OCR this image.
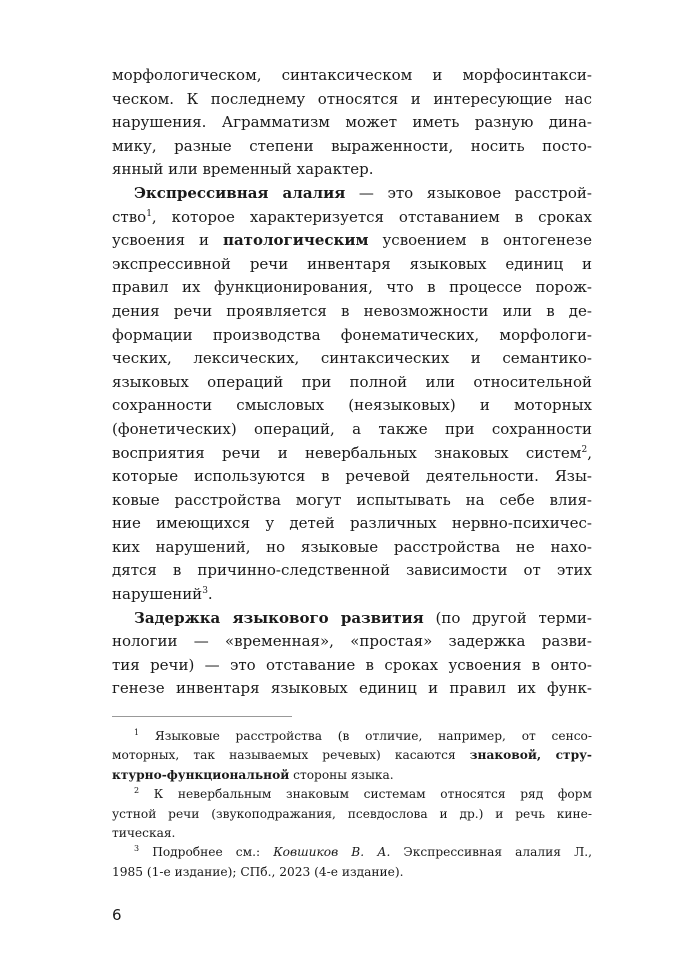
морфологическом, синтаксическом и морфосинтакси-
ческом. К последнему относятся и интересующие нас
нарушения. Аграмматизм может иметь разную дина-
мику, разные степени выраженности, носить посто-
янный или временный характер.
Экспрессивная алалия — это языковое расстрой-
ство$^1$, которое характеризуется отставанием в сроках
усвоения и патологическим усвоением в онтогенезе
экспрессивной речи инвентаря языковых единиц и
правил их функционирования, что в процессе порож-
дения речи проявляется в невозможности или в де-
формации производства фонематических, морфологи-
ческих, лексических, синтаксических и семантико-
языковых операций при полной или относительной
сохранности смысловых (неязыковых) и моторных
(фонетических) операций, а также при сохранности
восприятия речи и невербальных знаковых систем$^2$,
которые используются в речевой деятельности. Язы-
ковые расстройства могут испытывать на себе влия-
ние имеющихся у детей различных нервно-психичес-
ких нарушений, но языковые расстройства не нахо-
дятся в причинно-следственной зависимости от этих
нарушений$^3$.
Задержка языкового развития (по другой терми-
нологии — «временная», «простая» задержка разви-
тия речи) — это отставание в сроках усвоения в онто-
генезе инвентаря языковых единиц и правил их функ-
$^1$ Языковые расстройства (в отличие, например, от сенсо-
моторных, так называемых речевых) касаются знаковой, стру-
ктурно-функциональной стороны языка.
$^2$ К невербальным знаковым системам относятся ряд форм
устной речи (звукоподражания, псевдослова и др.) и речь кине-
тическая.
$^3$ Подробнее см.: Ковшиков В. А. Экспрессивная алалия Л.,
1985 (1-е издание); СПб., 2023 (4-е издание).
6
